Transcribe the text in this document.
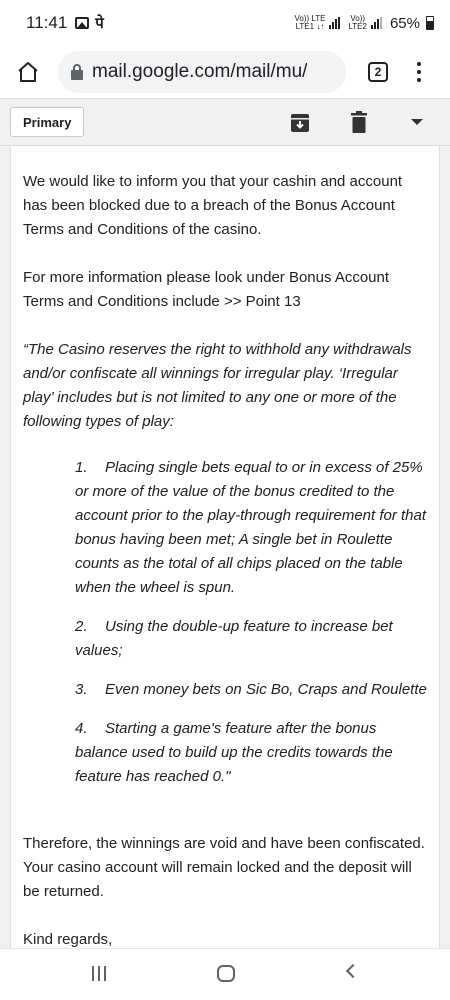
11:41 पे	Vo)) LTE
LTE1 ↓↑
Vo))
LTE2 65%
mail.google.com/mail/mu/	2
Primary

We would like to inform you that your cashin and account has been blocked due to a breach of the Bonus Account Terms and Conditions of the casino.

For more information please look under Bonus Account Terms and Conditions include >> Point 13

“The Casino reserves the right to withhold any withdrawals and/or confiscate all winnings for irregular play. ‘Irregular play’ includes but is not limited to any one or more of the following types of play:

1. Placing single bets equal to or in excess of 25% or more of the value of the bonus credited to the account prior to the play-through requirement for that bonus having been met; A single bet in Roulette counts as the total of all chips placed on the table when the wheel is spun.
2. Using the double-up feature to increase bet values;
3. Even money bets on Sic Bo, Craps and Roulette
4. Starting a game's feature after the bonus balance used to build up the credits towards the feature has reached 0."

Therefore, the winnings are void and have been confiscated. Your casino account will remain locked and the deposit will be returned.

Kind regards,
